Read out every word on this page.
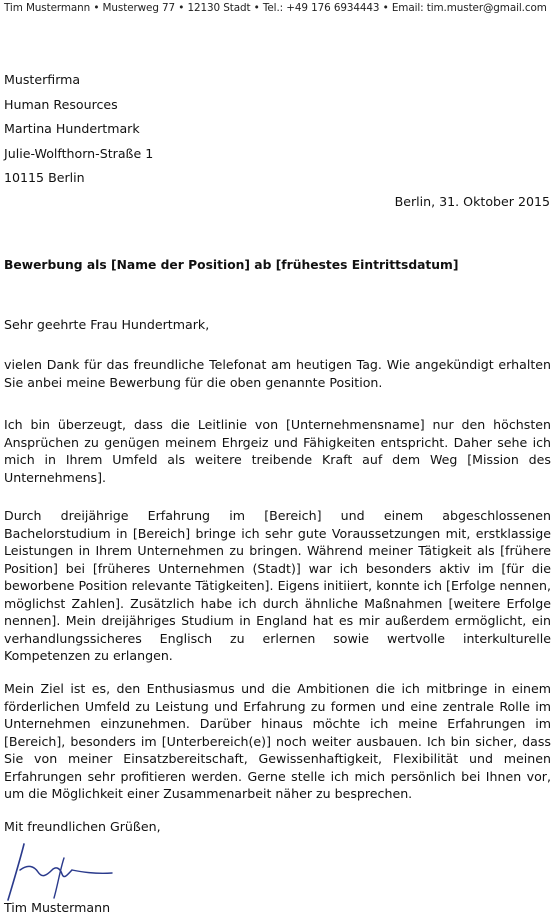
Tim Mustermann • Musterweg 77 • 12130 Stadt • Tel.: +49 176 6934443 • Email: tim.muster@gmail.com
Musterfirma
Human Resources
Martina Hundertmark
Julie-Wolfthorn-Straße 1
10115 Berlin
Berlin, 31. Oktober 2015
Bewerbung als [Name der Position] ab [frühestes Eintrittsdatum]
Sehr geehrte Frau Hundertmark,
vielen Dank für das freundliche Telefonat am heutigen Tag. Wie angekündigt erhalten Sie anbei meine Bewerbung für die oben genannte Position.
Ich bin überzeugt, dass die Leitlinie von [Unternehmensname] nur den höchsten Ansprüchen zu genügen meinem Ehrgeiz und Fähigkeiten entspricht. Daher sehe ich mich in Ihrem Umfeld als weitere treibende Kraft auf dem Weg [Mission des Unternehmens].
Durch dreijährige Erfahrung im [Bereich] und einem abgeschlossenen Bachelorstudium in [Bereich] bringe ich sehr gute Voraussetzungen mit, erstklassige Leistungen in Ihrem Unternehmen zu bringen. Während meiner Tätigkeit als [frühere Position] bei [früheres Unternehmen (Stadt)] war ich besonders aktiv im [für die beworbene Position relevante Tätigkeiten]. Eigens initiiert, konnte ich [Erfolge nennen, möglichst Zahlen]. Zusätzlich habe ich durch ähnliche Maßnahmen [weitere Erfolge nennen]. Mein dreijähriges Studium in England hat es mir außerdem ermöglicht, ein verhandlungssicheres Englisch zu erlernen sowie wertvolle interkulturelle Kompetenzen zu erlangen.
Mein Ziel ist es, den Enthusiasmus und die Ambitionen die ich mitbringe in einem förderlichen Umfeld zu Leistung und Erfahrung zu formen und eine zentrale Rolle im Unternehmen einzunehmen. Darüber hinaus möchte ich meine Erfahrungen im [Bereich], besonders im [Unterbereich(e)] noch weiter ausbauen. Ich bin sicher, dass Sie von meiner Einsatzbereitschaft, Gewissenhaftigkeit, Flexibilität und meinen Erfahrungen sehr profitieren werden. Gerne stelle ich mich persönlich bei Ihnen vor, um die Möglichkeit einer Zusammenarbeit näher zu besprechen.
Mit freundlichen Grüßen,
Tim Mustermann
